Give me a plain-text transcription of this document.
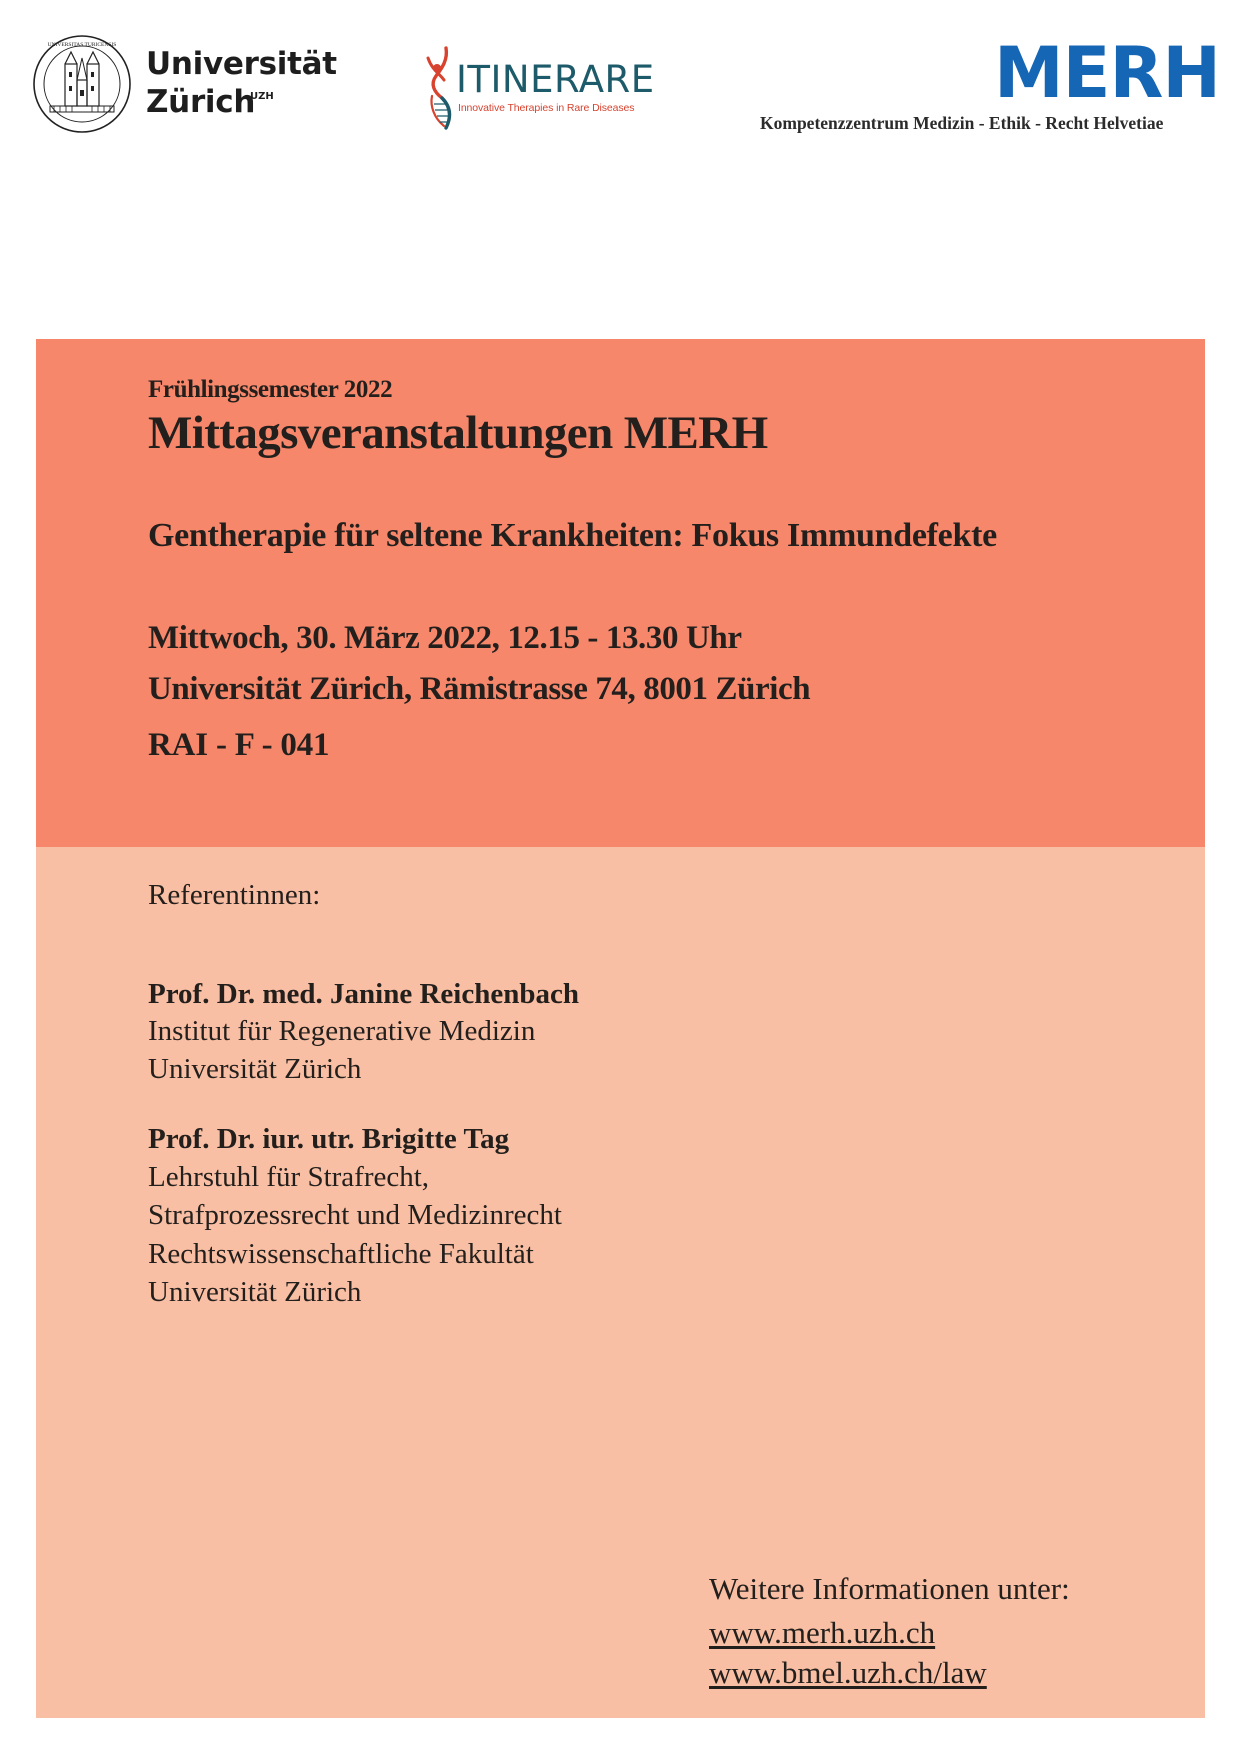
UNIVERSITAS TURICENSIS
Universität
Zürich
UZH	ITINERARE
Innovative Therapies in Rare Diseases	MERH
Kompetenzzentrum Medizin - Ethik - Recht Helvetiae
Frühlingssemester 2022
Mittagsveranstaltungen MERH
Gentherapie für seltene Krankheiten: Fokus Immundefekte
Mittwoch, 30. März 2022, 12.15 - 13.30 Uhr
Universität Zürich, Rämistrasse 74, 8001 Zürich
RAI - F - 041
Referentinnen:
Prof. Dr. med. Janine Reichenbach
Institut für Regenerative Medizin
Universität Zürich
Prof. Dr. iur. utr. Brigitte Tag
Lehrstuhl für Strafrecht,
Strafprozessrecht und Medizinrecht
Rechtswissenschaftliche Fakultät
Universität Zürich
Weitere Informationen unter:
www.merh.uzh.ch
www.bmel.uzh.ch/law
